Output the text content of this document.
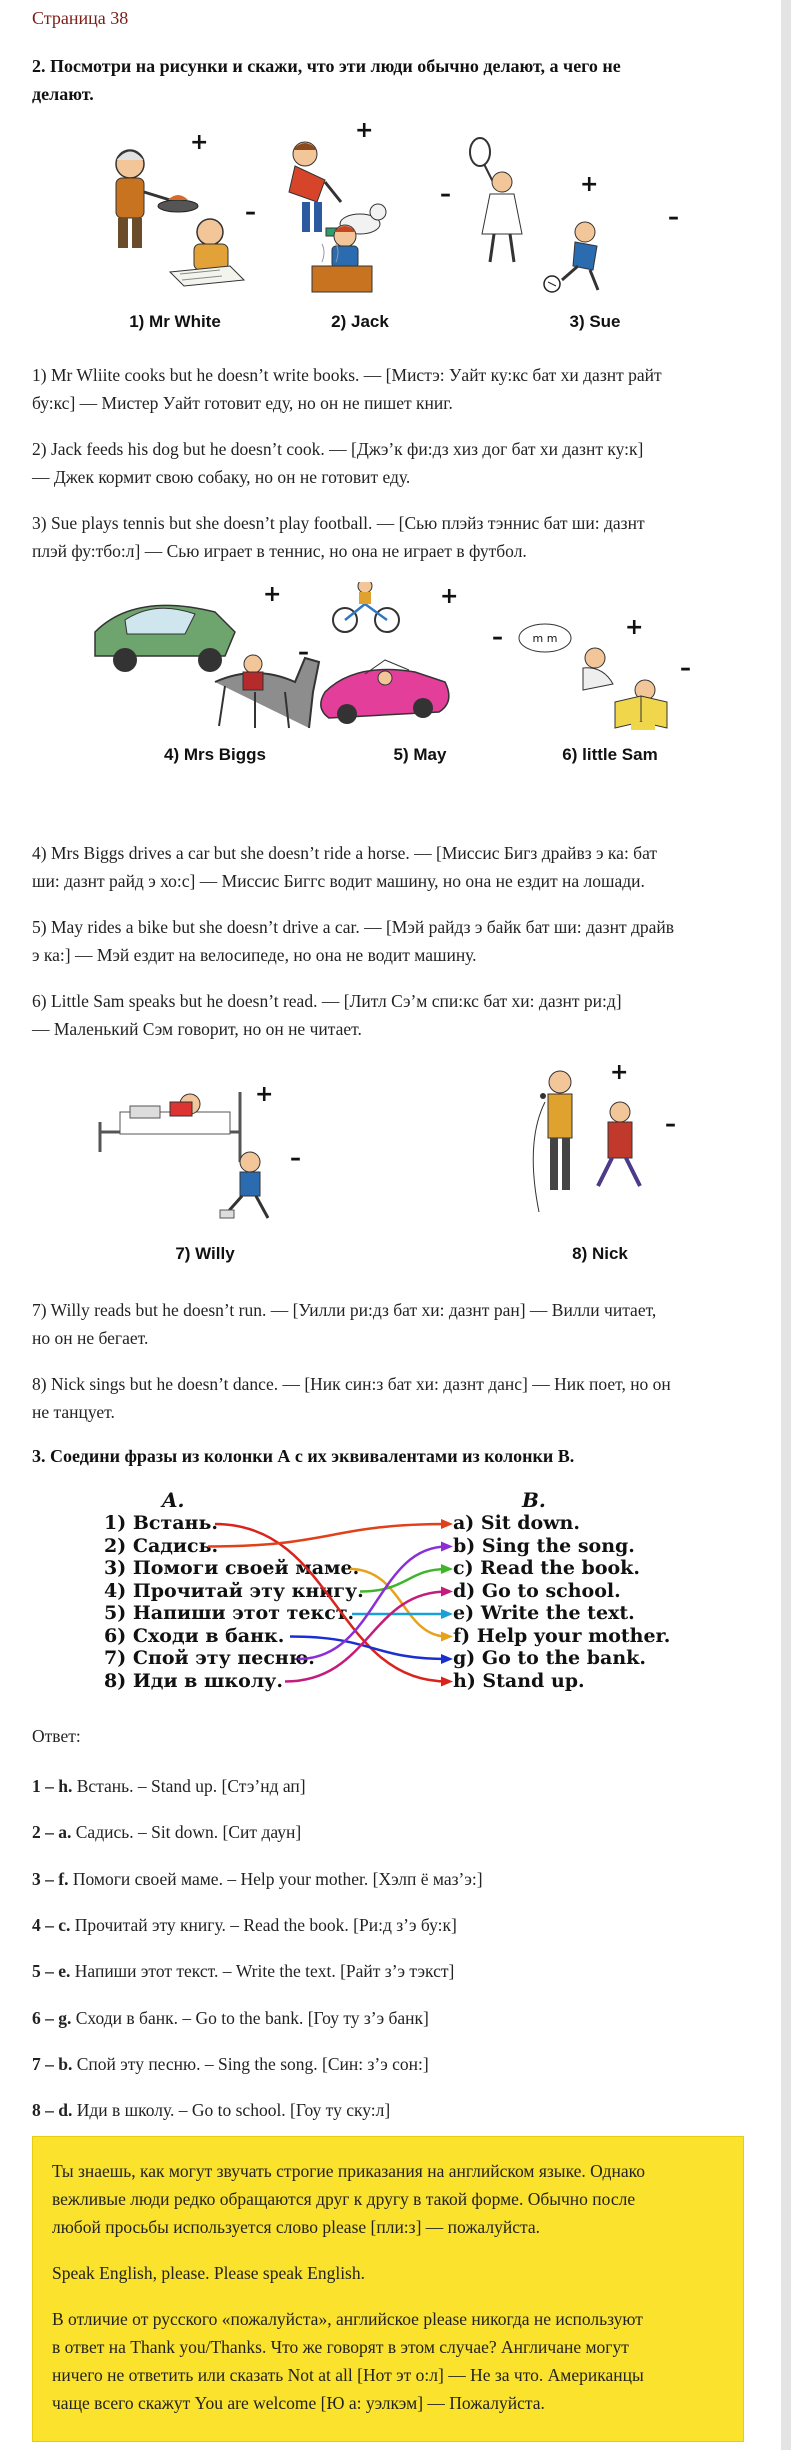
Страница 38
2. Посмотри на рисунки и скажи, что эти люди обычно делают, а чего не
делают.
+
–
+
–	+
–
1) Mr White	2) Jack	3) Sue
1) Mr Wliite cooks but he doesn’t write books. — [Мистэ: Уайт ку:кс бат хи дазнт райт
бу:кс] — Мистер Уайт готовит еду, но он не пишет книг.
2) Jack feeds his dog but he doesn’t cook. — [Джэ’к фи:дз хиз дог бат хи дазнт ку:к]
— Джек кормит свою собаку, но он не готовит еду.
3) Sue plays tennis but she doesn’t play football. — [Сью плэйз тэннис бат ши: дазнт
плэй фу:тбо:л] — Сью играет в теннис, но она не играет в футбол.
m m
+
–
+
–	+
–
4) Mrs Biggs	5) May	6) little Sam
4) Mrs Biggs drives a car but she doesn’t ride a horse. — [Миссис Бигз драйвз э ка: бат
ши: дазнт райд э хо:с] — Миссис Биггс водит машину, но она не ездит на лошади.
5) May rides a bike but she doesn’t drive a car. — [Мэй райдз э байк бат ши: дазнт драйв
э ка:] — Мэй ездит на велосипеде, но она не водит машину.
6) Little Sam speaks but he doesn’t read. — [Литл Сэ’м спи:кс бат хи: дазнт ри:д]
— Маленький Сэм говорит, но он не читает.
+
–
+
–
7) Willy	8) Nick
7) Willy reads but he doesn’t run. — [Уилли ри:дз бат хи: дазнт ран] — Вилли читает,
но он не бегает.
8) Nick sings but he doesn’t dance. — [Ник син:з бат хи: дазнт данс] — Ник поет, но он
не танцует.
3. Соедини фразы из колонки А с их эквивалентами из колонки В.
A.	B.
1) Встань.
2) Садись.
3) Помоги своей маме.
4) Прочитай эту книгу.
5) Напиши этот текст.
6) Сходи в банк.
7) Спой эту песню.
8) Иди в школу.
a) Sit down.
b) Sing the song.
c) Read the book.
d) Go to school.
e) Write the text.
f) Help your mother.
g) Go to the bank.
h) Stand up.
Ответ:
1 – h. Встань. – Stand up. [Стэ’нд ап]
2 – a. Садись. – Sit down. [Сит даун]
3 – f. Помоги своей маме. – Help your mother. [Хэлп ё маз’э:]
4 – c. Прочитай эту книгу. – Read the book. [Ри:д з’э бу:к]
5 – e. Напиши этот текст. – Write the text. [Райт з’э тэкст]
6 – g. Сходи в банк. – Go to the bank. [Гоу ту з’э банк]
7 – b. Спой эту песню. – Sing the song. [Син: з’э сон:]
8 – d. Иди в школу. – Go to school. [Гоу ту ску:л]

Ты знаешь, как могут звучать строгие приказания на английском языке. Однако

вежливые люди редко обращаются друг к другу в такой форме. Обычно после

любой просьбы используется слово please [пли:з] — пожалуйста.

Speak English, please. Please speak English.

В отличие от русского «пожалуйста», английское please никогда не используют

в ответ на Thank you/Thanks. Что же говорят в этом случае? Англичане могут

ничего не ответить или сказать Not at all [Нот эт о:л] — Не за что. Американцы

чаще всего скажут You are welcome [Ю а: уэлкэм] — Пожалуйста.
